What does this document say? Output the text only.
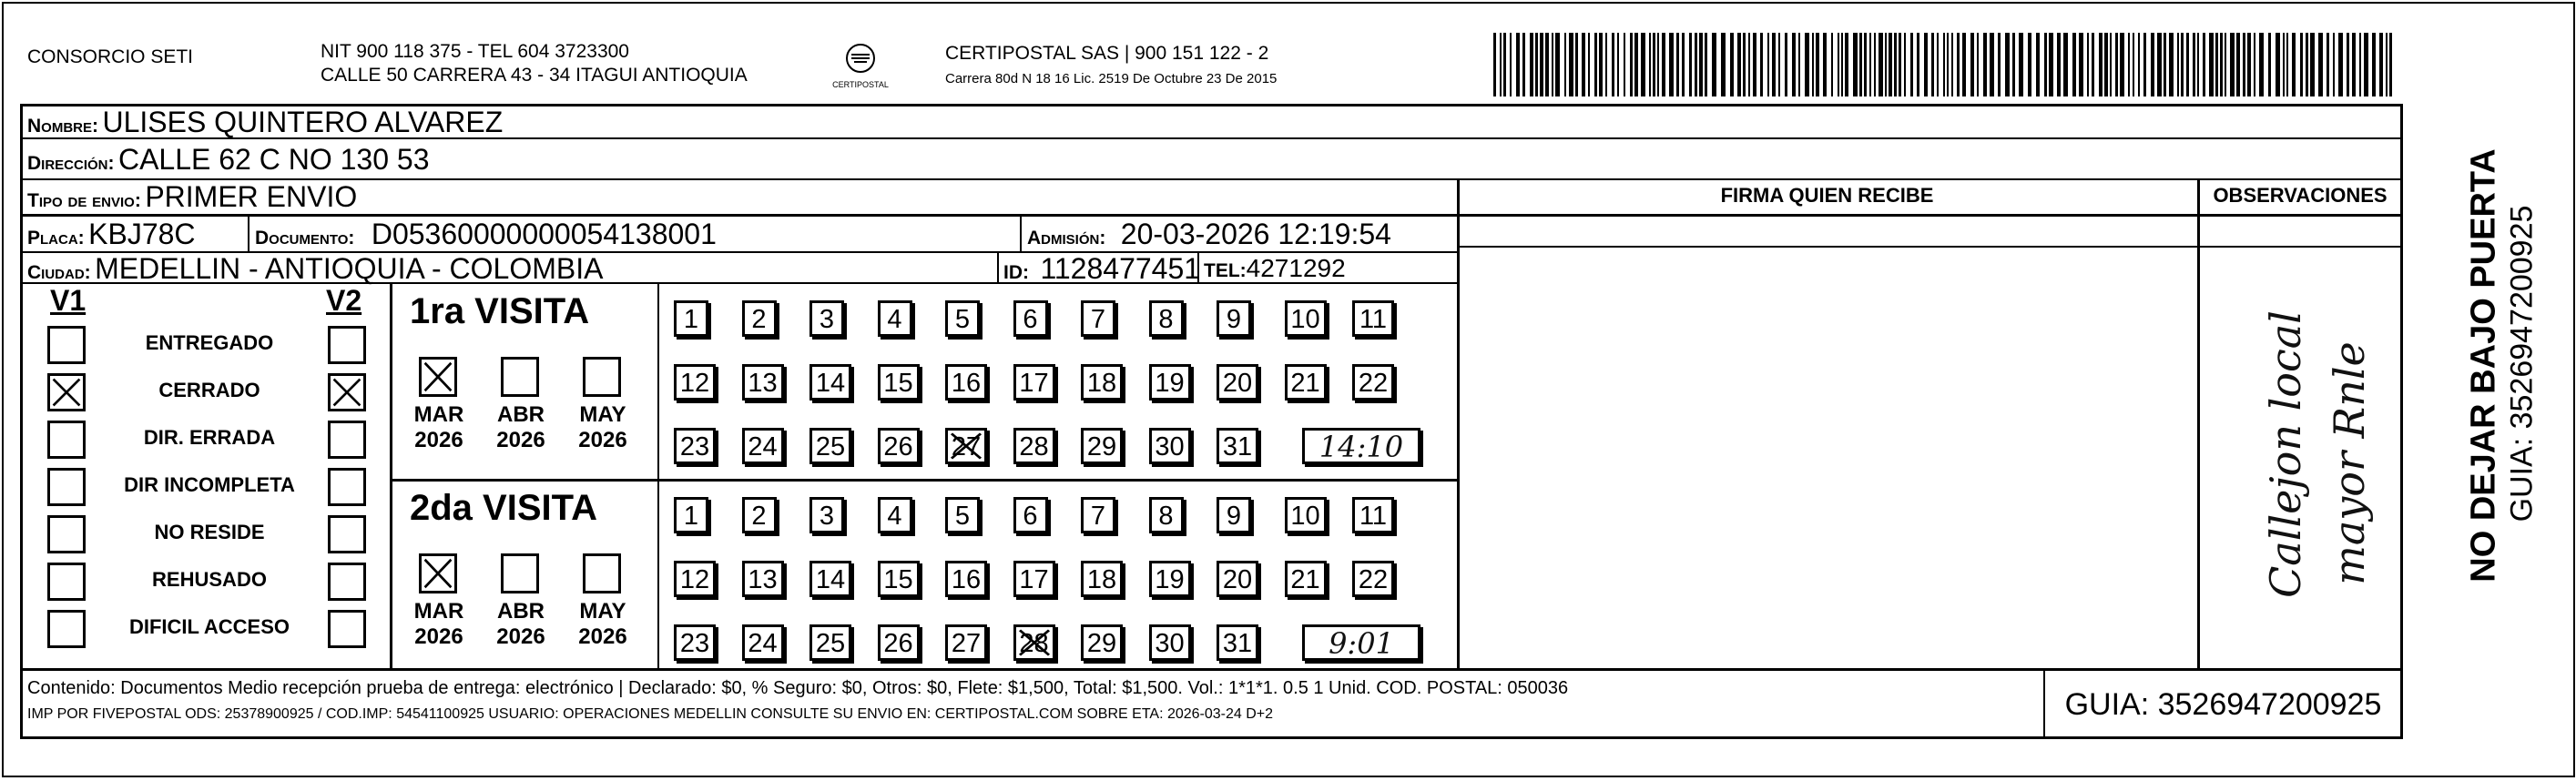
CONSORCIO SETI	NIT 900 118 375 - TEL 604 3723300
CALLE 50 CARRERA 43 - 34 ITAGUI ANTIOQUIA	CERTIPOSTAL
CERTIPOSTAL SAS | 900 151 122 - 2
Carrera 80d N 18 16 Lic. 2519 De Octubre 23 De 2015
Nombre: ULISES QUINTERO ALVAREZ
Dirección: CALLE 62 C NO 130 53
Tipo de envio: PRIMER ENVIO
Placa: KBJ78C	Documento: D05360000000054138001	Admisión: 20-03-2026 12:19:54
Ciudad: MEDELLIN - ANTIOQUIA - COLOMBIA	ID: 1128477451 TEL:4271292
FIRMA QUIEN RECIBE	OBSERVACIONES
Callejon local mayor Rnle
V1	V2
ENTREGADO
CERRADO
DIR. ERRADA
DIR INCOMPLETA
NO RESIDE
REHUSADO
DIFICIL ACCESO
1ra VISITA
MAR
2026
ABR
2026
MAY
2026
1	2	3	4	5	6	7	8	9	10 11
12 13 14 15 16 17 18 19 20 21 22
23 24 25 26 27 28 29 30 31	14:10
2da VISITA
MAR
2026
ABR
2026
MAY
2026
1	2	3	4	5	6	7	8	9	10 11
12 13 14 15 16 17 18 19 20 21 22
23 24 25 26 27 28 29 30 31	9:01
Contenido: Documentos Medio recepción prueba de entrega: electrónico | Declarado: $0, % Seguro: $0, Otros: $0, Flete: $1,500, Total: $1,500. Vol.: 1*1*1. 0.5 1 Unid. COD. POSTAL: 050036
IMP POR FIVEPOSTAL ODS: 25378900925 / COD.IMP: 54541100925 USUARIO: OPERACIONES MEDELLIN CONSULTE SU ENVIO EN: CERTIPOSTAL.COM SOBRE ETA: 2026-03-24 D+2	GUIA: 3526947200925
NO DEJAR BAJO PUERTA GUIA: 3526947200925
